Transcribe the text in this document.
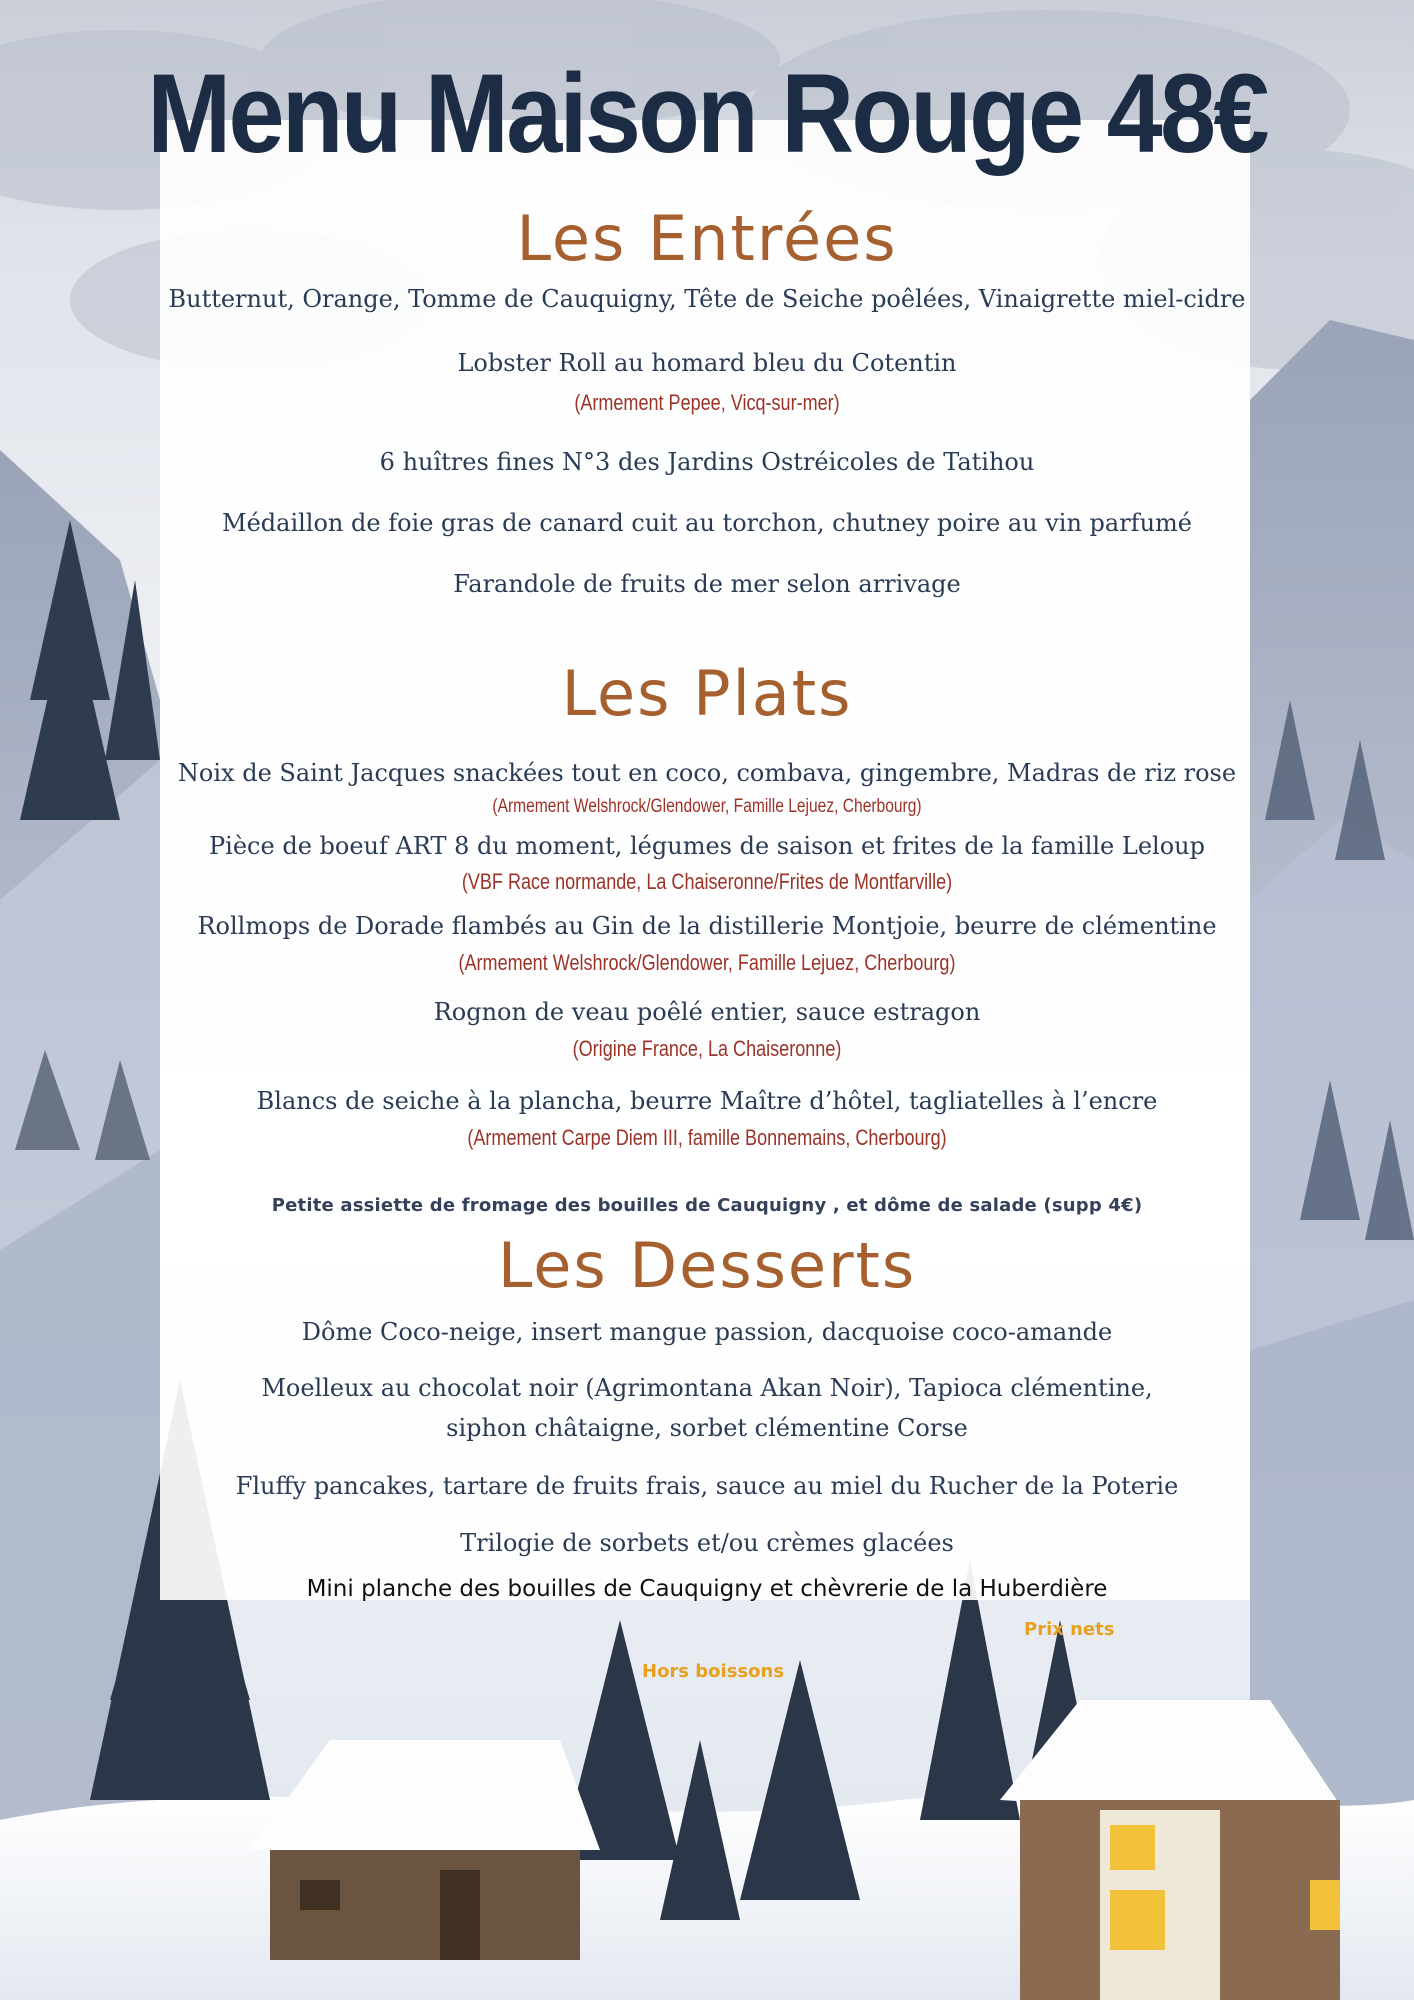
Menu Maison Rouge 48€
Les Entrées
Butternut, Orange, Tomme de Cauquigny, Tête de Seiche poêlées, Vinaigrette miel-cidre
Lobster Roll au homard bleu du Cotentin
(Armement Pepee, Vicq-sur-mer)
6 huîtres fines N°3 des Jardins Ostréicoles de Tatihou
Médaillon de foie gras de canard cuit au torchon, chutney poire au vin parfumé
Farandole de fruits de mer selon arrivage
Les Plats
Noix de Saint Jacques snackées tout en coco, combava, gingembre, Madras de riz rose
(Armement Welshrock/Glendower, Famille Lejuez, Cherbourg)
Pièce de boeuf ART 8 du moment, légumes de saison et frites de la famille Leloup
(VBF Race normande, La Chaiseronne/Frites de Montfarville)
Rollmops de Dorade flambés au Gin de la distillerie Montjoie, beurre de clémentine
(Armement Welshrock/Glendower, Famille Lejuez, Cherbourg)
Rognon de veau poêlé entier, sauce estragon
(Origine France, La Chaiseronne)
Blancs de seiche à la plancha, beurre Maître d’hôtel, tagliatelles à l’encre
(Armement Carpe Diem III, famille Bonnemains, Cherbourg)
Petite assiette de fromage des bouilles de Cauquigny , et dôme de salade (supp 4€)
Les Desserts
Dôme Coco-neige, insert mangue passion, dacquoise coco-amande
Moelleux au chocolat noir (Agrimontana Akan Noir), Tapioca clémentine,
siphon châtaigne, sorbet clémentine Corse
Fluffy pancakes, tartare de fruits frais, sauce au miel du Rucher de la Poterie
Trilogie de sorbets et/ou crèmes glacées
Mini planche des bouilles de Cauquigny et chèvrerie de la Huberdière
Prix nets
Hors boissons
